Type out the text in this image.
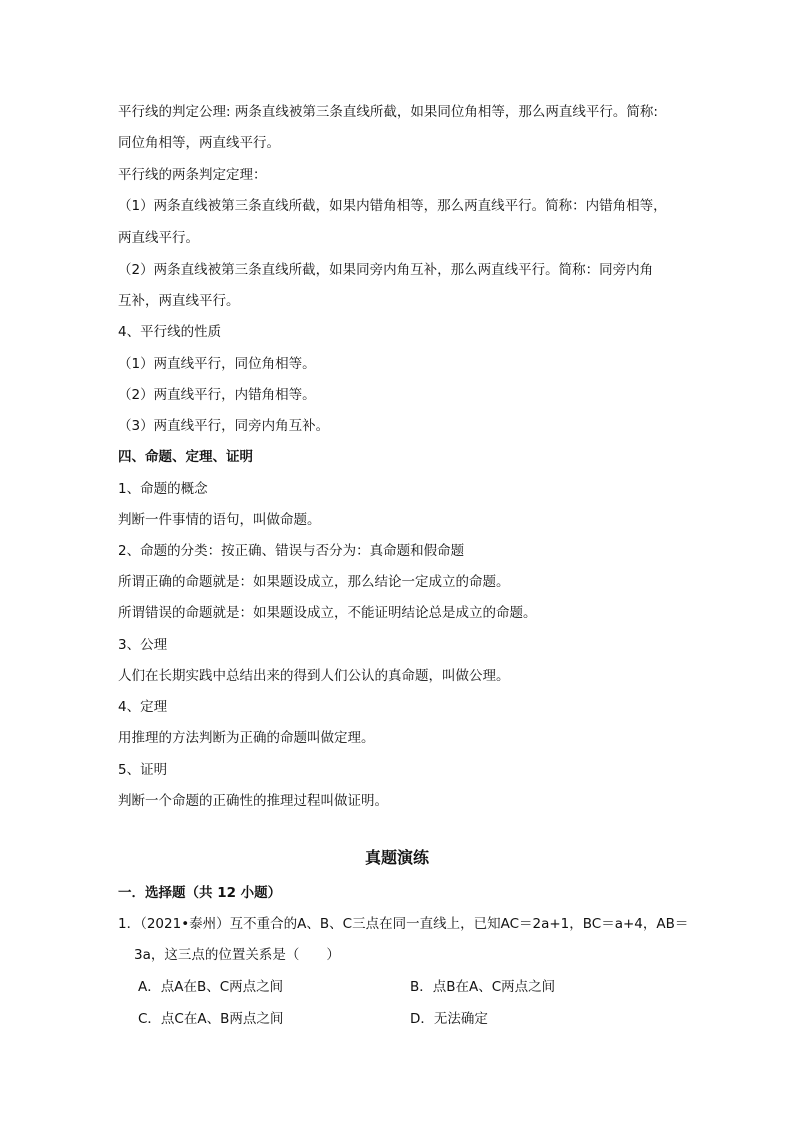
平行线的判定公理: 两条直线被第三条直线所截，如果同位角相等，那么两直线平行。简称:
同位角相等，两直线平行。
平行线的两条判定定理：
（1）两条直线被第三条直线所截，如果内错角相等，那么两直线平行。简称：内错角相等，
两直线平行。
（2）两条直线被第三条直线所截，如果同旁内角互补，那么两直线平行。简称：同旁内角
互补，两直线平行。
4、平行线的性质
（1）两直线平行，同位角相等。
（2）两直线平行，内错角相等。
（3）两直线平行，同旁内角互补。
四、命题、定理、证明
1、命题的概念
判断一件事情的语句，叫做命题。
2、命题的分类：按正确、错误与否分为：真命题和假命题
所谓正确的命题就是：如果题设成立，那么结论一定成立的命题。
所谓错误的命题就是：如果题设成立，不能证明结论总是成立的命题。
3、公理
人们在长期实践中总结出来的得到人们公认的真命题，叫做公理。
4、定理
用推理的方法判断为正确的命题叫做定理。
5、证明
判断一个命题的正确性的推理过程叫做证明。
真题演练
一．选择题（共 12 小题）
1．（2021•泰州）互不重合的A、B、C三点在同一直线上，已知AC＝2a+1，BC＝a+4，AB＝
3a，这三点的位置关系是（　　）
A．点A在B、C两点之间	B．点B在A、C两点之间
C．点C在A、B两点之间	D．无法确定
